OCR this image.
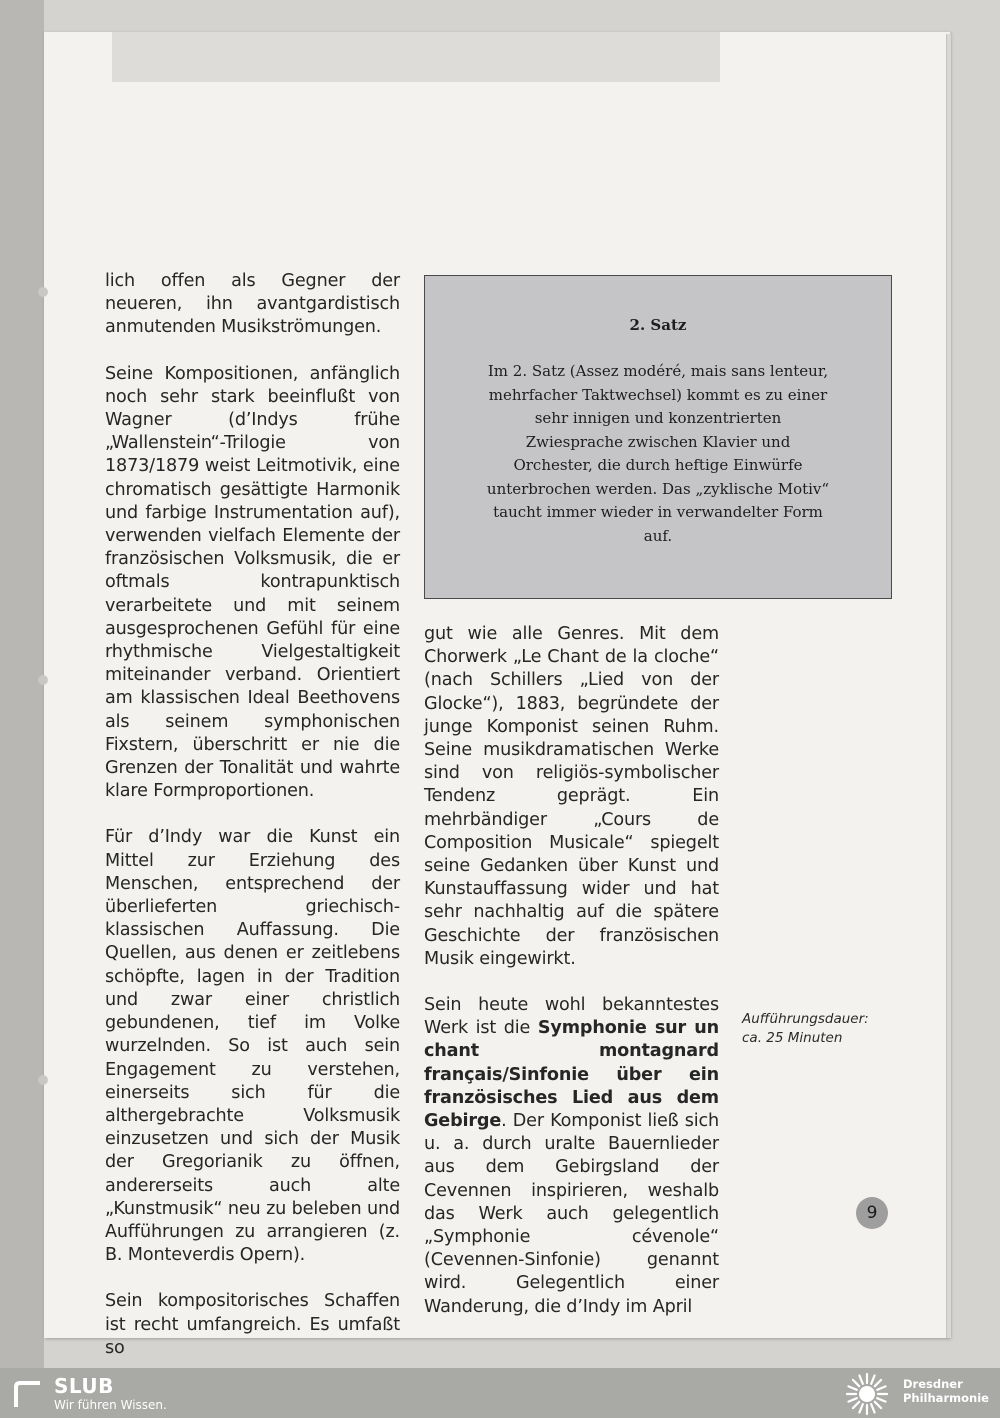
lich offen als Gegner der neueren, ihn avantgardistisch anmutenden Musikströmungen.

Seine Kompositionen, anfänglich noch sehr stark beeinflußt von Wagner (d’Indys frühe „Wallenstein“-Trilogie von 1873/1879 weist Leitmotivik, eine chromatisch gesättigte Harmonik und farbige Instrumentation auf), verwenden vielfach Elemente der französischen Volksmusik, die er oftmals kontrapunktisch verarbeitete und mit seinem ausgesprochenen Gefühl für eine rhythmische Vielgestaltigkeit miteinander verband. Orientiert am klassischen Ideal Beethovens als seinem symphonischen Fixstern, überschritt er nie die Grenzen der Tonalität und wahrte klare Formproportionen.

Für d’Indy war die Kunst ein Mittel zur Erziehung des Menschen, entsprechend der überlieferten griechisch-klassischen Auffassung. Die Quellen, aus denen er zeitlebens schöpfte, lagen in der Tradition und zwar einer christlich gebundenen, tief im Volke wurzelnden. So ist auch sein Engagement zu verstehen, einerseits sich für die althergebrachte Volksmusik einzusetzen und sich der Musik der Gregorianik zu öffnen, andererseits auch alte „Kunstmusik“ neu zu beleben und Aufführungen zu arrangieren (z. B. Monteverdis Opern).

Sein kompositorisches Schaffen ist recht umfangreich. Es umfaßt so

2. Satz
Im 2. Satz (Assez modéré, mais sans lenteur, mehrfacher Taktwechsel) kommt es zu einer sehr innigen und konzentrierten Zwiesprache zwischen Klavier und Orchester, die durch heftige Einwürfe unterbrochen werden. Das „zyklische Motiv“ taucht immer wieder in verwandelter Form auf.

gut wie alle Genres. Mit dem Chorwerk „Le Chant de la cloche“ (nach Schillers „Lied von der Glocke“), 1883, begründete der junge Komponist seinen Ruhm. Seine musikdramatischen Werke sind von religiös-symbolischer Tendenz geprägt. Ein mehrbändiger „Cours de Composition Musicale“ spiegelt seine Gedanken über Kunst und Kunstauffassung wider und hat sehr nachhaltig auf die spätere Geschichte der französischen Musik eingewirkt.

Sein heute wohl bekanntestes Werk ist die Symphonie sur un chant montagnard français/Sinfonie über ein französisches Lied aus dem Gebirge. Der Komponist ließ sich u. a. durch uralte Bauernlieder aus dem Gebirgsland der Cevennen inspirieren, weshalb das Werk auch gelegentlich „Symphonie cévenole“ (Cevennen-Sinfonie) genannt wird. Gelegentlich einer Wanderung, die d’Indy im April

Aufführungsdauer:
ca. 25 Minuten
9
SLUB
Wir führen Wissen.
Dresdner
Philharmonie
